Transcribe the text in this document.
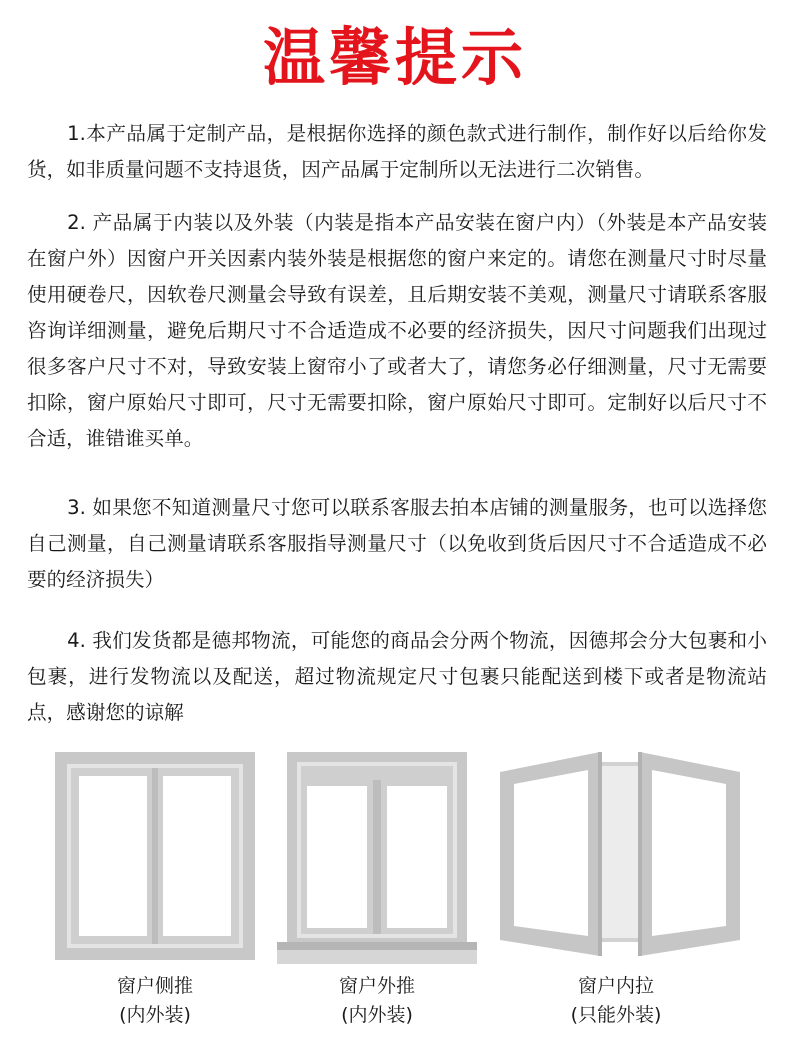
温馨提示

1.本产品属于定制产品，是根据你选择的颜色款式进行制作，制作好以后给你发货，如非质量问题不支持退货，因产品属于定制所以无法进行二次销售。

2. 产品属于内装以及外装（内装是指本产品安装在窗户内）（外装是本产品安装在窗户外）因窗户开关因素内装外装是根据您的窗户来定的。请您在测量尺寸时尽量使用硬卷尺，因软卷尺测量会导致有误差，且后期安装不美观，测量尺寸请联系客服咨询详细测量，避免后期尺寸不合适造成不必要的经济损失，因尺寸问题我们出现过很多客户尺寸不对，导致安装上窗帘小了或者大了，请您务必仔细测量，尺寸无需要扣除，窗户原始尺寸即可，尺寸无需要扣除，窗户原始尺寸即可。定制好以后尺寸不合适，谁错谁买单。

3. 如果您不知道测量尺寸您可以联系客服去拍本店铺的测量服务，也可以选择您自己测量，自己测量请联系客服指导测量尺寸（以免收到货后因尺寸不合适造成不必要的经济损失）

4. 我们发货都是德邦物流，可能您的商品会分两个物流，因德邦会分大包裹和小包裹，进行发物流以及配送，超过物流规定尺寸包裹只能配送到楼下或者是物流站点，感谢您的谅解

窗户侧推
(内外装)
窗户外推
(内外装)
窗户内拉
(只能外装)
